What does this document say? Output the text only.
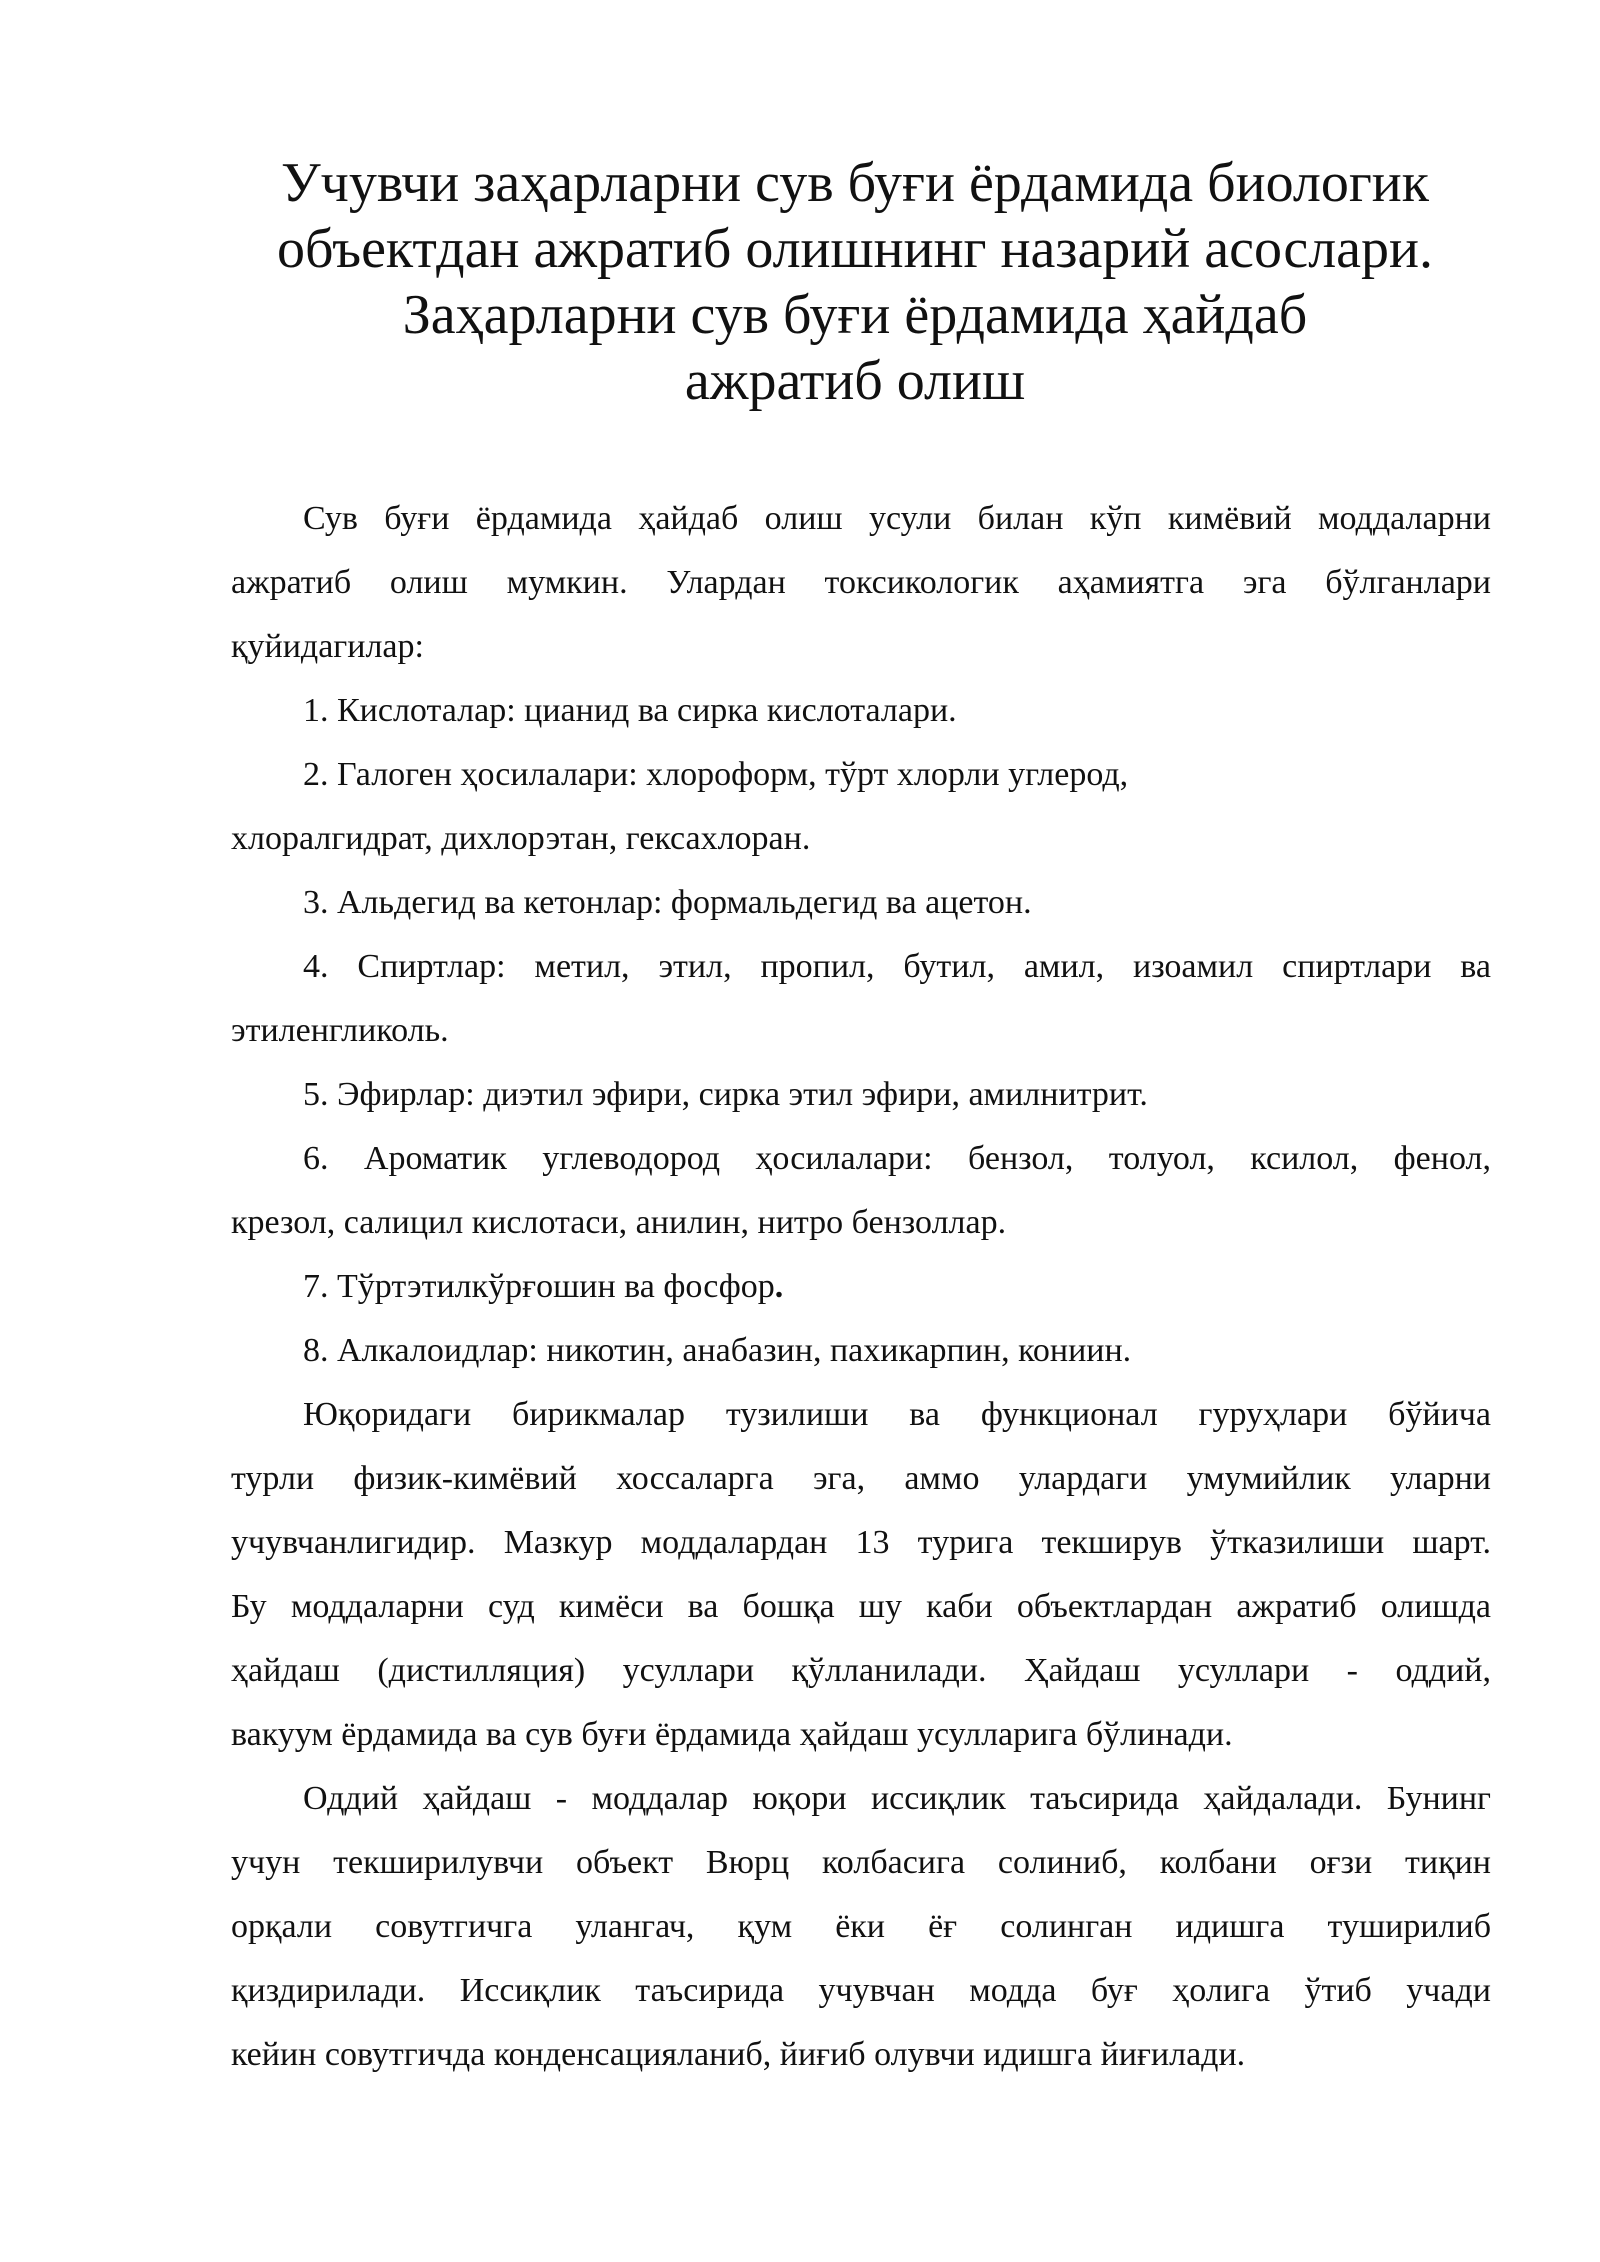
Учувчи заҳарларни сув буғи ёрдамида биологик
объектдан ажратиб олишнинг назарий асослари.
Заҳарларни сув буғи ёрдамида ҳайдаб
ажратиб олиш
Сув буғи ёрдамида ҳайдаб олиш усули билан кўп кимёвий моддаларни
ажратиб олиш мумкин. Улардан токсикологик аҳамиятга эга бўлганлари
қуйидагилар:
1. Кислоталар: цианид ва сирка кислоталари.
2. Галоген ҳосилалари: хлороформ, тўрт хлорли углерод,
хлоралгидрат, дихлорэтан, гексахлоран.
3. Альдегид ва кетонлар: формальдегид ва ацетон.
4. Спиртлар: метил, этил, пропил, бутил, амил, изоамил спиртлари ва
этиленгликоль.
5. Эфирлар: диэтил эфири, сирка этил эфири, амилнитрит.
6. Ароматик углеводород ҳосилалари: бензол, толуол, ксилол, фенол,
крезол, салицил кислотаси, анилин, нитро бензоллар.
7. Тўртэтилкўрғошин ва фосфор.
8. Алкалоидлар: никотин, анабазин, пахикарпин, кониин.
Юқоридаги бирикмалар тузилиши ва функционал гуруҳлари бўйича
турли физик-кимёвий хоссаларга эга, аммо улардаги умумийлик уларни
учувчанлигидир. Мазкур моддалардан 13 турига текширув ўтказилиши шарт.
Бу моддаларни суд кимёси ва бошқа шу каби объектлардан ажратиб олишда
ҳайдаш (дистилляция) усуллари қўлланилади. Ҳайдаш усуллари - оддий,
вакуум ёрдамида ва сув буғи ёрдамида ҳайдаш усулларига бўлинади.
Оддий ҳайдаш - моддалар юқори иссиқлик таъсирида ҳайдалади. Бунинг
учун текширилувчи объект Вюрц колбасига солиниб, колбани оғзи тиқин
орқали совутгичга улангач, қум ёки ёғ солинган идишга туширилиб
қиздирилади. Иссиқлик таъсирида учувчан модда буғ ҳолига ўтиб учади
кейин совутгичда конденсацияланиб, йиғиб олувчи идишга йиғилади.
